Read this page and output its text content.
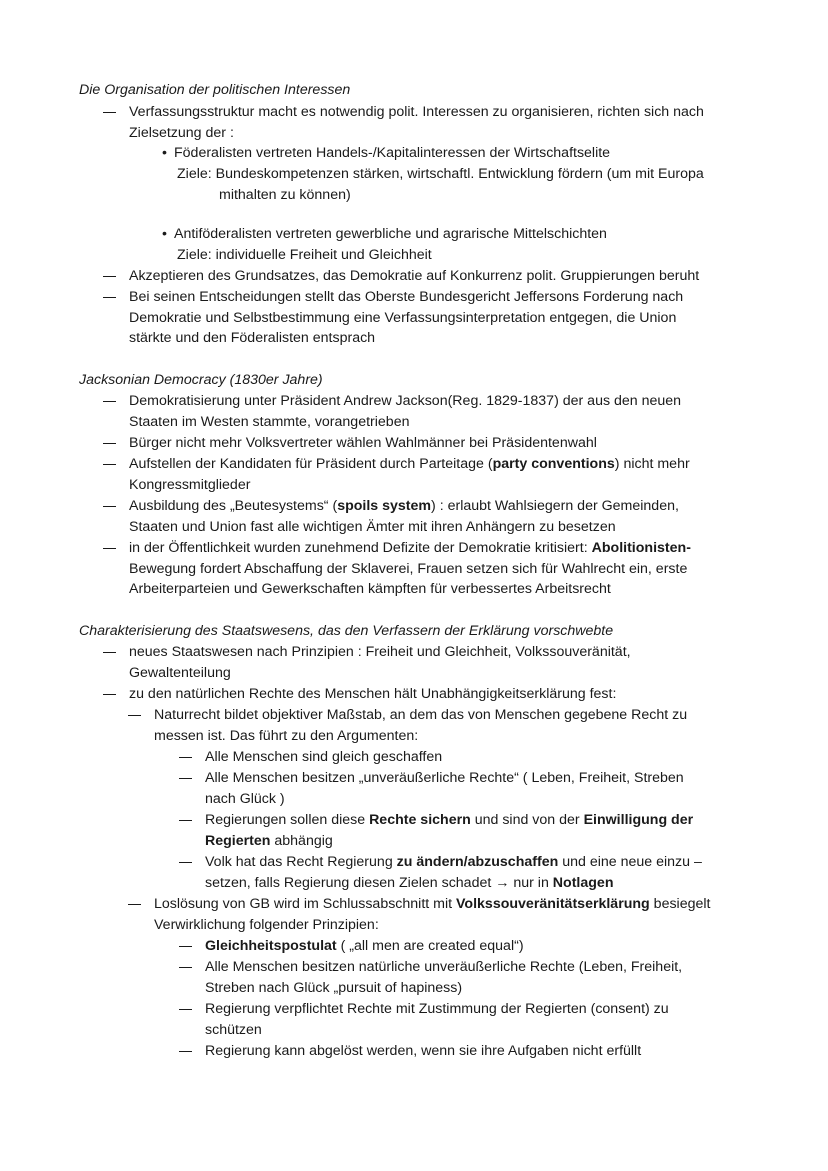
Die Organisation der politischen Interessen
Verfassungsstruktur macht es notwendig polit. Interessen zu organisieren, richten sich nach
Zielsetzung der :
•
Föderalisten vertreten Handels-/Kapitalinteressen der Wirtschaftselite
Ziele: Bundeskompetenzen stärken, wirtschaftl. Entwicklung fördern (um mit Europa
mithalten zu können)
•
Antiföderalisten vertreten gewerbliche und agrarische Mittelschichten
Ziele: individuelle Freiheit und Gleichheit
Akzeptieren des Grundsatzes, das Demokratie auf Konkurrenz polit. Gruppierungen beruht
Bei seinen Entscheidungen stellt das Oberste Bundesgericht Jeffersons Forderung nach
Demokratie und Selbstbestimmung eine Verfassungsinterpretation entgegen, die Union
stärkte und den Föderalisten entsprach
Jacksonian Democracy (1830er Jahre)
Demokratisierung unter Präsident Andrew Jackson(Reg. 1829-1837) der aus den neuen
Staaten im Westen stammte, vorangetrieben
Bürger nicht mehr Volksvertreter wählen Wahlmänner bei Präsidentenwahl
Aufstellen der Kandidaten für Präsident durch Parteitage (party conventions) nicht mehr
Kongressmitglieder
Ausbildung des „Beutesystems“ (spoils system) : erlaubt Wahlsiegern der Gemeinden,
Staaten und Union fast alle wichtigen Ämter mit ihren Anhängern zu besetzen
in der Öffentlichkeit wurden zunehmend Defizite der Demokratie kritisiert: Abolitionisten-
Bewegung fordert Abschaffung der Sklaverei, Frauen setzen sich für Wahlrecht ein, erste
Arbeiterparteien und Gewerkschaften kämpften für verbessertes Arbeitsrecht
Charakterisierung des Staatswesens, das den Verfassern der Erklärung vorschwebte
neues Staatswesen nach Prinzipien : Freiheit und Gleichheit, Volkssouveränität,
Gewaltenteilung
zu den natürlichen Rechte des Menschen hält Unabhängigkeitserklärung fest:
Naturrecht bildet objektiver Maßstab, an dem das von Menschen gegebene Recht zu
messen ist. Das führt zu den Argumenten:
Alle Menschen sind gleich geschaffen
Alle Menschen besitzen „unveräußerliche Rechte“ ( Leben, Freiheit, Streben
nach Glück )
Regierungen sollen diese Rechte sichern und sind von der Einwilligung der
Regierten abhängig
Volk hat das Recht Regierung zu ändern/abzuschaffen und eine neue einzu –
setzen, falls Regierung diesen Zielen schadet → nur in Notlagen
Loslösung von GB wird im Schlussabschnitt mit Volkssouveränitätserklärung besiegelt
Verwirklichung folgender Prinzipien:
Gleichheitspostulat ( „all men are created equal“)
Alle Menschen besitzen natürliche unveräußerliche Rechte (Leben, Freiheit,
Streben nach Glück „pursuit of hapiness)
Regierung verpflichtet Rechte mit Zustimmung der Regierten (consent) zu
schützen
Regierung kann abgelöst werden, wenn sie ihre Aufgaben nicht erfüllt
